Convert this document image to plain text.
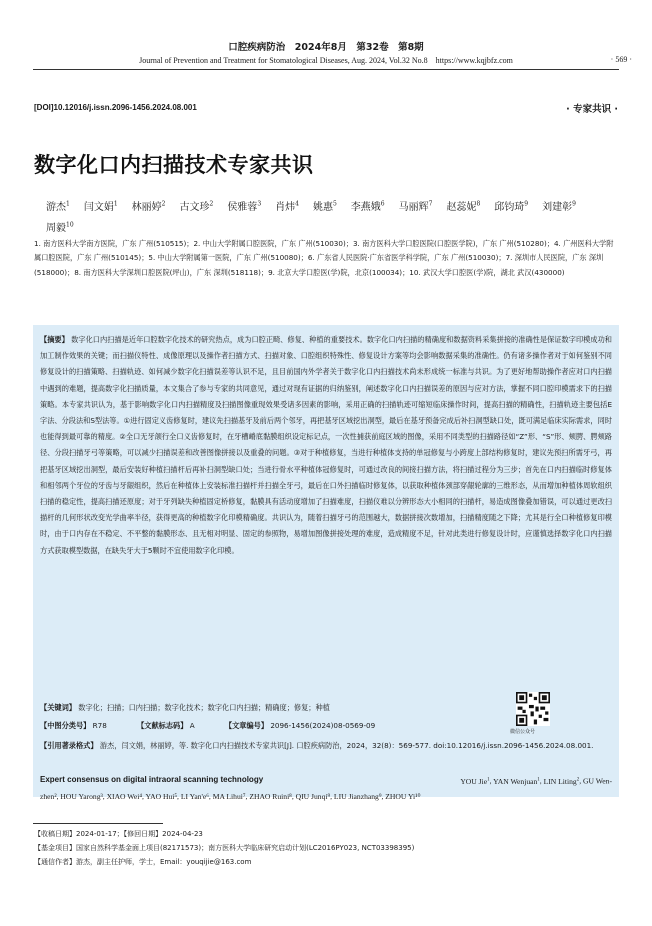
口腔疾病防治　2024年8月　第32卷　第8期
Journal of Prevention and Treatment for Stomatological Diseases, Aug. 2024, Vol.32 No.8　https://www.kqjbfz.com	· 569 ·
[DOI]10.12016/j.issn.2096-1456.2024.08.001	· 专家共识 ·
数字化口内扫描技术专家共识
游杰$^1$ 闫文娟$^1$ 林丽婷$^2$ 古文珍$^2$ 侯雅蓉$^3$ 肖炜$^4$ 姚惠$^5$ 李燕娥$^6$ 马丽辉$^7$ 赵蕊妮$^8$ 邱钧琦$^9$ 刘建彰$^9$周毅$^{10}$
1. 南方医科大学南方医院，广东 广州(510515)；2. 中山大学附属口腔医院，广东 广州(510030)；3. 南方医科大学口腔医院(口腔医学院)，广东 广州(510280)；4. 广州医科大学附属口腔医院，广东 广州(510145)；5. 中山大学附属第一医院，广东 广州(510080)；6. 广东省人民医院·广东省医学科学院，广东 广州(510030)；7. 深圳市人民医院，广东 深圳(518000)；8. 南方医科大学深圳口腔医院(坪山)，广东 深圳(518118)；9. 北京大学口腔医(学)院，北京(100034)；10. 武汉大学口腔医(学)院，湖北 武汉(430000)
【摘要】 数字化口内扫描是近年口腔数字化技术的研究热点，成为口腔正畸、修复、种植的重要技术。数字化口内扫描的精确度和数据资料采集拼接的准确性是保证数字印模成功和加工制作效果的关键；而扫描仪特性、成像原理以及操作者扫描方式、扫描对象、口腔组织特殊性、修复设计方案等均会影响数据采集的准确性。仍有诸多操作者对于如何鉴别不同修复设计的扫描策略、扫描轨迹、如何减少数字化扫描误差等认识不足，且目前国内外学者关于数字化口内扫描技术尚未形成统一标准与共识。为了更好地帮助操作者应对口内扫描中遇到的难题，提高数字化扫描质量，本文集合了参与专家的共同意见，通过对现有证据的归纳鉴别，阐述数字化口内扫描误差的原因与应对方法，掌握不同口腔印模需求下的扫描策略。本专家共识认为，基于影响数字化口内扫描精度及扫描图像重现效果受诸多因素的影响，采用正确的扫描轨迹可缩短临床操作时间，提高扫描的精确性，扫描轨迹主要包括E字法、分段法和S型法等。①进行固定义齿修复时，建议先扫描基牙及前后两个邻牙，再把基牙区域挖出洞型，最后在基牙预备完成后补扫洞型缺口处，既可满足临床实际需求，同时也能得到最可靠的精度。②全口无牙颌行全口义齿修复时，在牙槽嵴底黏膜组织设定标记点，一次性捕获前庭区域的图像，采用不同类型的扫描路径如“Z”形、“S”形、颊腭、腭颊路径、分段扫描牙弓等策略，可以减少扫描误差和改善图像拼接以及重叠的问题。③对于种植修复，当进行种植体支持的单冠修复与小跨度上部结构修复时，建议先预扫所需牙弓，再把基牙区域挖出洞型，最后安装好种植扫描杆后再补扫洞型缺口处；当进行骨水平种植体冠修复时，可通过改良的间接扫描方法，将扫描过程分为三步；首先在口内扫描临时修复体和相邻两个牙位的牙齿与牙龈组织，然后在种植体上安装标准扫描杆并扫描全牙弓，最后在口外扫描临时修复体，以获取种植体颈部穿龈轮廓的三维形态，从而增加种植体周软组织扫描的稳定性，提高扫描还原度；对于牙列缺失种植固定桥修复，黏膜具有活动度增加了扫描难度，扫描仪难以分辨形态大小相同的扫描杆，易造成图像叠加错误，可以通过更改扫描杆的几何形状改变光学曲率半径，获得更高的种植数字化印模精确度。共识认为，随着扫描牙弓的范围越大，数据拼接次数增加，扫描精度随之下降；尤其是行全口种植修复印模时，由于口内存在不稳定、不平整的黏膜形态、且无相对明显、固定的参照物，易增加图像拼接处理的难度，造成精度不足，针对此类进行修复设计时，应谨慎选择数字化口内扫描方式获取模型数据，在缺失牙大于5颗时不宜使用数字化印模。
【关键词】 数字化；扫描；口内扫描；数字化技术；数字化口内扫描；精确度；修复；种植
【中图分类号】 R78	【文献标志码】 A	【文章编号】 2096-1456(2024)08-0569-09
微信公众号
【引用著录格式】 游杰，闫文娟，林丽婷，等. 数字化口内扫描技术专家共识[J]. 口腔疾病防治，2024，32(8)：569-577. doi:10.12016/j.issn.2096-1456.2024.08.001.
Expert consensus on digital intraoral scanning technology	YOU Jie$^1$, YAN Wenjuan$^1$, LIN Liting$^2$, GU Wen-
zhen², HOU Yarong³, XIAO Wei⁴, YAO Hui⁵, LI Yan'e⁶, MA Lihui⁷, ZHAO Ruini⁸, QIU Junqi⁹, LIU Jianzhang⁹, ZHOU Yi¹⁰
【收稿日期】2024-01-17；【修回日期】2024-04-23
【基金项目】国家自然科学基金面上项目(82171573)；南方医科大学临床研究启动计划(LC2016PY023, NCT03398395)
【通信作者】游杰，副主任护师，学士，Email：youqijie@163.com
